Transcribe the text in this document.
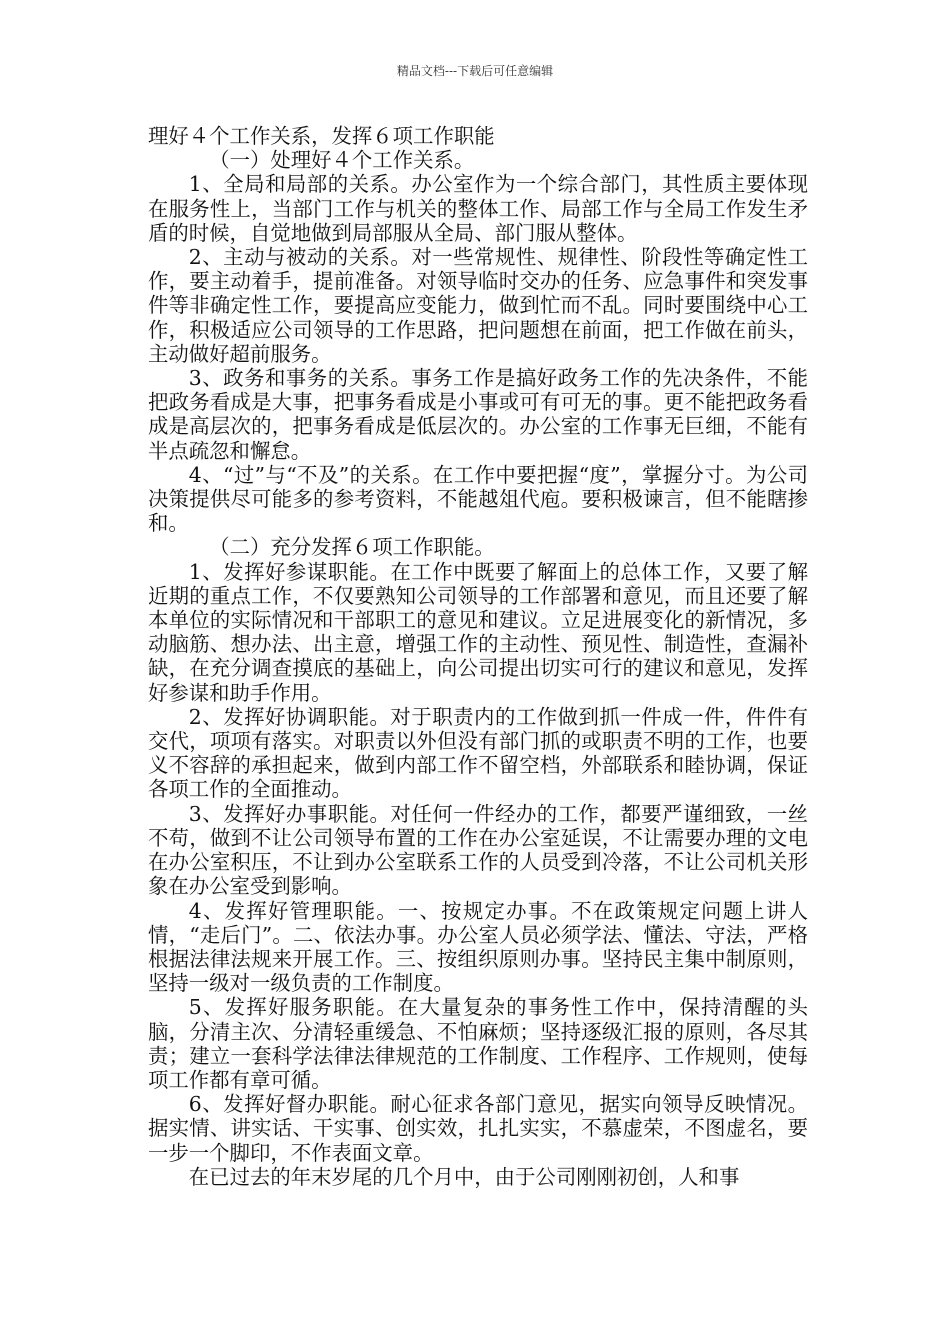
精品文档---下载后可任意编辑

理好４个工作关系，发挥６项工作职能

（一）处理好４个工作关系。

1、全局和局部的关系。办公室作为一个综合部门，其性质主要体现在服务性上，当部门工作与机关的整体工作、局部工作与全局工作发生矛盾的时候，自觉地做到局部服从全局、部门服从整体。

2、主动与被动的关系。对一些常规性、规律性、阶段性等确定性工作，要主动着手，提前准备。对领导临时交办的任务、应急事件和突发事件等非确定性工作，要提高应变能力，做到忙而不乱。同时要围绕中心工作，积极适应公司领导的工作思路，把问题想在前面，把工作做在前头，主动做好超前服务。

3、政务和事务的关系。事务工作是搞好政务工作的先决条件，不能把政务看成是大事，把事务看成是小事或可有可无的事。更不能把政务看成是高层次的，把事务看成是低层次的。办公室的工作事无巨细，不能有半点疏忽和懈怠。

4、“过”与“不及”的关系。在工作中要把握“度”，掌握分寸。为公司决策提供尽可能多的参考资料，不能越俎代庖。要积极谏言，但不能瞎掺和。

（二）充分发挥６项工作职能。

1、发挥好参谋职能。在工作中既要了解面上的总体工作，又要了解近期的重点工作，不仅要熟知公司领导的工作部署和意见，而且还要了解本单位的实际情况和干部职工的意见和建议。立足进展变化的新情况，多动脑筋、想办法、出主意，增强工作的主动性、预见性、制造性，查漏补缺，在充分调查摸底的基础上，向公司提出切实可行的建议和意见，发挥好参谋和助手作用。

2、发挥好协调职能。对于职责内的工作做到抓一件成一件，件件有交代，项项有落实。对职责以外但没有部门抓的或职责不明的工作，也要义不容辞的承担起来，做到内部工作不留空档，外部联系和睦协调，保证各项工作的全面推动。

3、发挥好办事职能。对任何一件经办的工作，都要严谨细致，一丝不苟，做到不让公司领导布置的工作在办公室延误，不让需要办理的文电在办公室积压，不让到办公室联系工作的人员受到冷落，不让公司机关形象在办公室受到影响。

4、发挥好管理职能。一、按规定办事。不在政策规定问题上讲人情，“走后门”。二、依法办事。办公室人员必须学法、懂法、守法，严格根据法律法规来开展工作。三、按组织原则办事。坚持民主集中制原则，坚持一级对一级负责的工作制度。

5、发挥好服务职能。在大量复杂的事务性工作中，保持清醒的头脑，分清主次、分清轻重缓急、不怕麻烦；坚持逐级汇报的原则，各尽其责；建立一套科学法律法律规范的工作制度、工作程序、工作规则，使每项工作都有章可循。

6、发挥好督办职能。耐心征求各部门意见，据实向领导反映情况。据实情、讲实话、干实事、创实效，扎扎实实，不慕虚荣，不图虚名，要一步一个脚印，不作表面文章。

在已过去的年末岁尾的几个月中，由于公司刚刚初创，人和事
